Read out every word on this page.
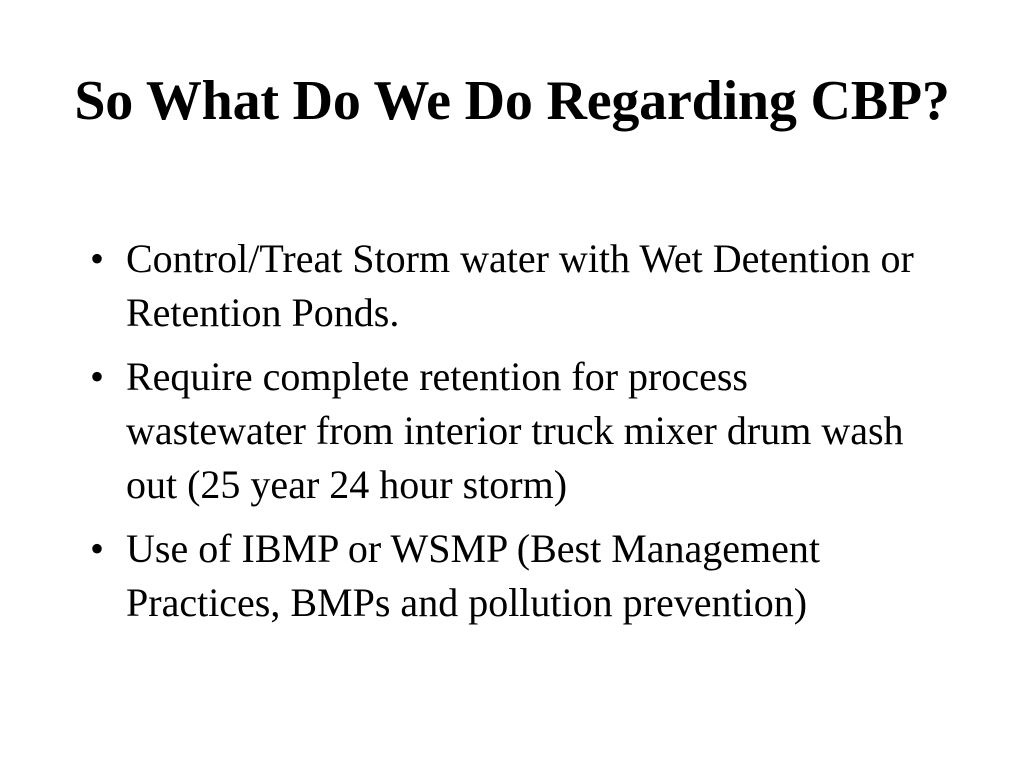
So What Do We Do Regarding CBP?
• Control/Treat Storm water with Wet Detention or Retention Ponds.
• Require complete retention for process wastewater from interior truck mixer drum wash out (25 year 24 hour storm)
• Use of IBMP or WSMP (Best Management Practices, BMPs and pollution prevention)
